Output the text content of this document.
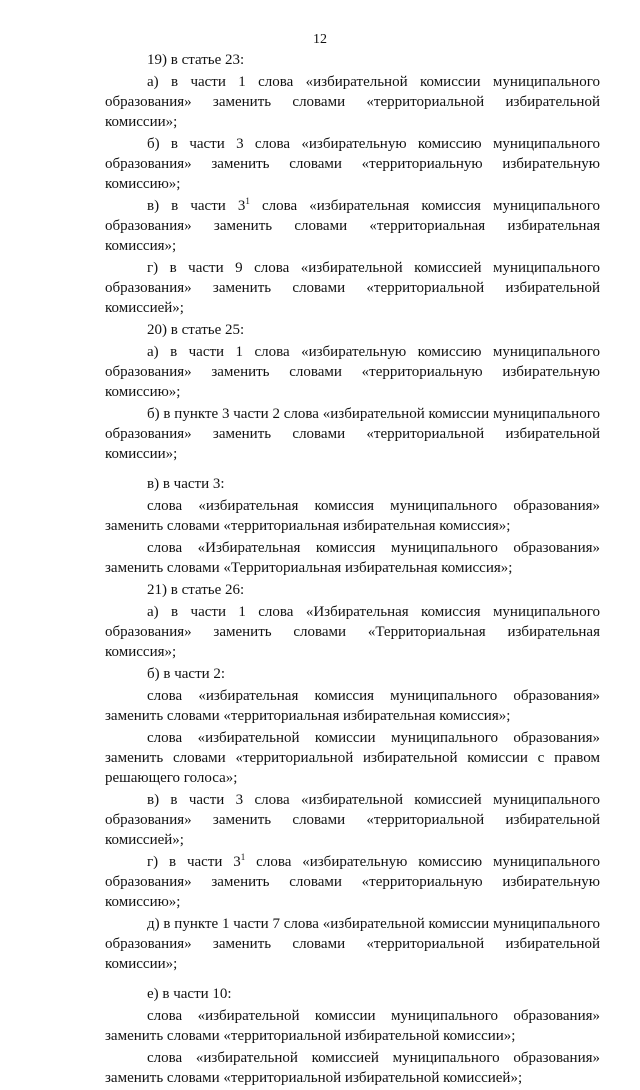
12

19) в статье 23:

а) в части 1 слова «избирательной комиссии муниципального образования» заменить словами «территориальной избирательной комиссии»;

б) в части 3 слова «избирательную комиссию муниципального образования» заменить словами «территориальную избирательную комиссию»;

в) в части $3^1$ слова «избирательная комиссия муниципального образования» заменить словами «территориальная избирательная комиссия»;

г) в части 9 слова «избирательной комиссией муниципального образования» заменить словами «территориальной избирательной комиссией»;

20) в статье 25:

а) в части 1 слова «избирательную комиссию муниципального образования» заменить словами «территориальную избирательную комиссию»;

б) в пункте 3 части 2 слова «избирательной комиссии муниципального образования» заменить словами «территориальной избирательной комиссии»;

в) в части 3:

слова «избирательная комиссия муниципального образования» заменить словами «территориальная избирательная комиссия»;

слова «Избирательная комиссия муниципального образования» заменить словами «Территориальная избирательная комиссия»;

21) в статье 26:

а) в части 1 слова «Избирательная комиссия муниципального образования» заменить словами «Территориальная избирательная комиссия»;

б) в части 2:

слова «избирательная комиссия муниципального образования» заменить словами «территориальная избирательная комиссия»;

слова «избирательной комиссии муниципального образования» заменить словами «территориальной избирательной комиссии с правом решающего голоса»;

в) в части 3 слова «избирательной комиссией муниципального образования» заменить словами «территориальной избирательной комиссией»;

г) в части $3^1$ слова «избирательную комиссию муниципального образования» заменить словами «территориальную избирательную комиссию»;

д) в пункте 1 части 7 слова «избирательной комиссии муниципального образования» заменить словами «территориальной избирательной комиссии»;

е) в части 10:

слова «избирательной комиссии муниципального образования» заменить словами «территориальной избирательной комиссии»;

слова «избирательной комиссией муниципального образования» заменить словами «территориальной избирательной комиссией»;
